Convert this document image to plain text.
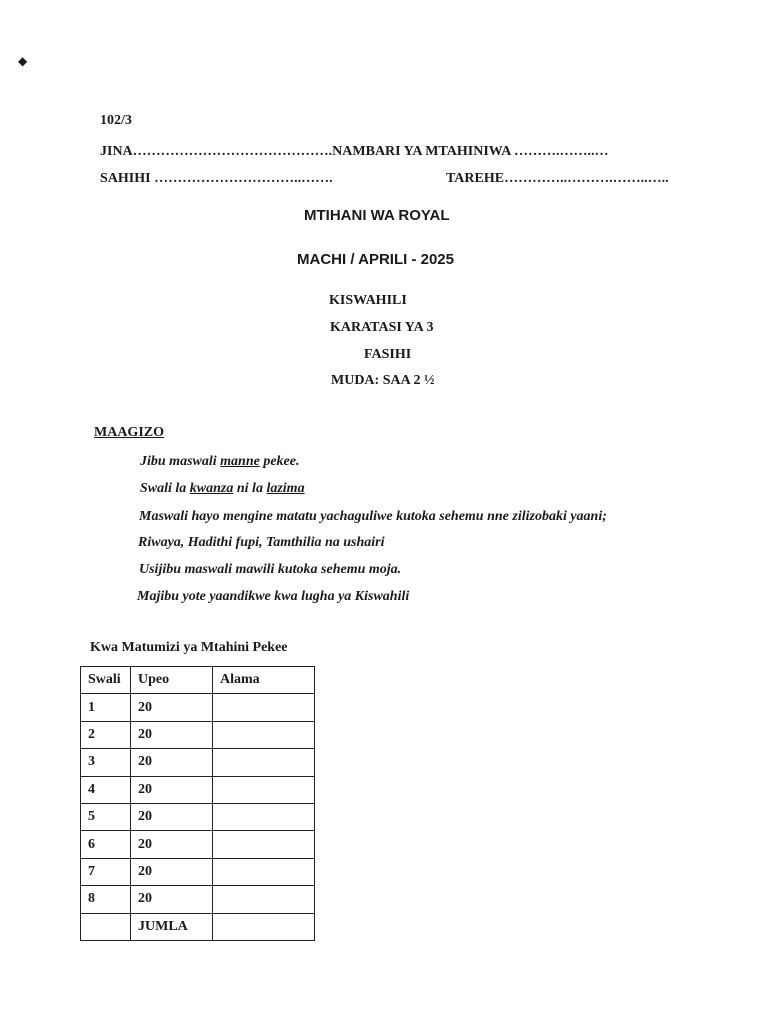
◆
102/3
JINA…………………………………….NAMBARI YA MTAHINIWA ……….……..…
SAHIHI …………………………..…….	TAREHE…………..……….……..…..
MTIHANI WA ROYAL
MACHI / APRILI - 2025
KISWAHILI
KARATASI YA 3
FASIHI
MUDA: SAA 2 ½
MAAGIZO
Jibu maswali manne pekee.
Swali la kwanza ni la lazima
Maswali hayo mengine matatu yachaguliwe kutoka sehemu nne zilizobaki yaani;
Riwaya, Hadithi fupi, Tamthilia na ushairi
Usijibu maswali mawili kutoka sehemu moja.
Majibu yote yaandikwe kwa lugha ya Kiswahili
Kwa Matumizi ya Mtahini Pekee
Swali	Upeo	Alama
1	20	
2	20	
3	20	
4	20	
5	20	
6	20	
7	20	
8	20	
	JUMLA	
